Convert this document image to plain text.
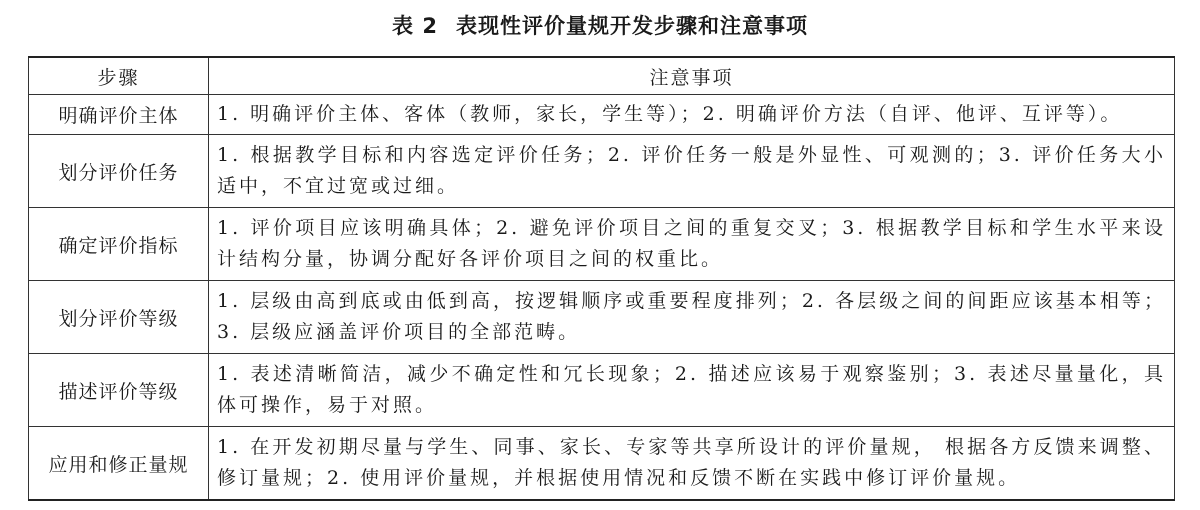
表 2 表现性评价量规开发步骤和注意事项
步骤	注意事项
明确评价主体	1. 明确评价主体、客体（教师，家长，学生等）；2. 明确评价方法（自评、他评、互评等）。
划分评价任务	1. 根据教学目标和内容选定评价任务；2. 评价任务一般是外显性、可观测的；3. 评价任务大小适中，不宜过宽或过细。
确定评价指标	1. 评价项目应该明确具体；2. 避免评价项目之间的重复交叉；3. 根据教学目标和学生水平来设计结构分量，协调分配好各评价项目之间的权重比。
划分评价等级	1. 层级由高到底或由低到高，按逻辑顺序或重要程度排列；2. 各层级之间的间距应该基本相等；3. 层级应涵盖评价项目的全部范畴。
描述评价等级	1. 表述清晰简洁，减少不确定性和冗长现象；2. 描述应该易于观察鉴别；3. 表述尽量量化，具体可操作，易于对照。
应用和修正量规	1. 在开发初期尽量与学生、同事、家长、专家等共享所设计的评价量规， 根据各方反馈来调整、修订量规；2. 使用评价量规，并根据使用情况和反馈不断在实践中修订评价量规。
